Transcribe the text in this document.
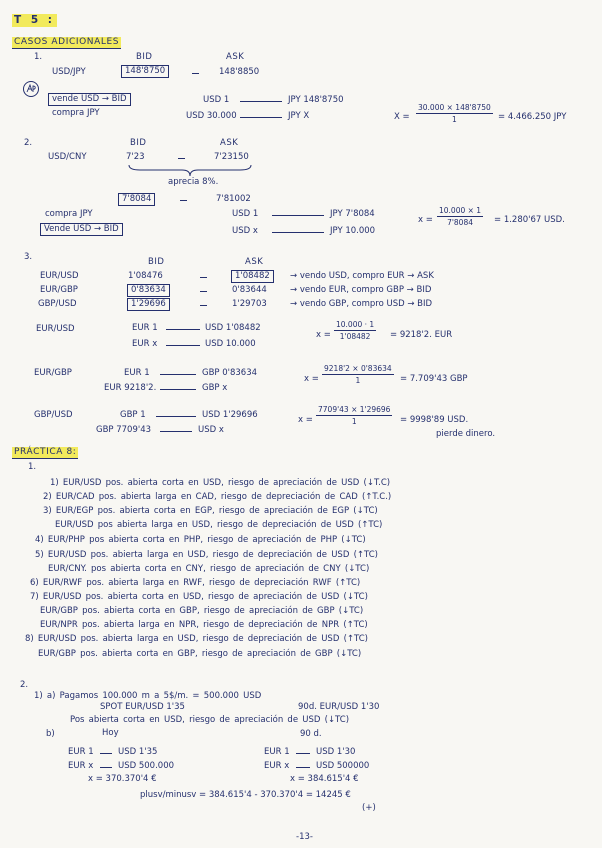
T 5 :
CASOS ADICIONALES
1.	BID	ASK
USD/JPY	148'8750	148'8850
vende USD → BID
compra JPY
USD 1	JPY 148'8750
USD 30.000	JPY X	$X = \frac{30.000 \times 148'8750}{1} = 4.466.250$ JPY
2.	BID	ASK
USD/CNY	7'23	7'23150
aprecia 8%.
7'8084	7'81002
compra JPY	USD 1	JPY 7'8084
Vende USD → BID	USD x	JPY 10.000
$x = \frac{10.000 \times 1}{7'8084} = 1.280'67$ USD.
3.	BID	ASK
EUR/USD	1'08476	1'08482	→ vendo USD, compro EUR → ASK
EUR/GBP	0'83634	0'83644	→ vendo EUR, compro GBP → BID
GBP/USD	1'29696	1'29703	→ vendo GBP, compro USD → BID
EUR/USD	EUR 1	USD 1'08482
EUR x	USD 10.000
$x = \frac{10.000 \cdot 1}{1'08482} = 9218'2$. EUR
EUR/GBP	EUR 1	GBP 0'83634
EUR 9218'2.	GBP x
$x = \frac{9218'2 \times 0'83634}{1} = 7.709'43$ GBP
GBP/USD	GBP 1	USD 1'29696
GBP 7709'43	USD x
$x = \frac{7709'43 \times 1'29696}{1} = 9998'89$ USD.
pierde dinero.
PRÁCTICA 8:
1.
1) EUR/USD pos. abierta corta en USD, riesgo de apreciación de USD (↓T.C)
2) EUR/CAD pos. abierta larga en CAD, riesgo de depreciación de CAD (↑T.C.)
3) EUR/EGP pos. abierta corta en EGP, riesgo de apreciación de EGP (↓TC)
EUR/USD pos abierta larga en USD, riesgo de depreciación de USD (↑TC)
4) EUR/PHP pos abierta corta en PHP, riesgo de apreciación de PHP (↓TC)
5) EUR/USD pos. abierta larga en USD, riesgo de depreciación de USD (↑TC)
EUR/CNY. pos abierta corta en CNY, riesgo de apreciación de CNY (↓TC)
6) EUR/RWF pos. abierta larga en RWF, riesgo de depreciación RWF (↑TC)
7) EUR/USD pos. abierta corta en USD, riesgo de apreciación de USD (↓TC)
EUR/GBP pos. abierta corta en GBP, riesgo de apreciación de GBP (↓TC)
EUR/NPR pos. abierta larga en NPR, riesgo de depreciación de NPR (↑TC)
8) EUR/USD pos. abierta larga en USD, riesgo de depreciación de USD (↑TC)
EUR/GBP pos. abierta corta en GBP, riesgo de apreciación de GBP (↓TC)
2.
1) a) Pagamos 100.000 m a 5$/m. = 500.000 USD
SPOT EUR/USD 1'35	90d. EUR/USD 1'30
Pos abierta corta en USD, riesgo de apreciación de USD (↓TC)
b)	Hoy	90 d.
EUR 1	USD 1'35
EUR x	USD 500.000
x = 370.370'4 €
EUR 1	USD 1'30
EUR x	USD 500000
x = 384.615'4 €
plusv/minusv = 384.615'4 - 370.370'4 = 14245 €
(+)
-13-
